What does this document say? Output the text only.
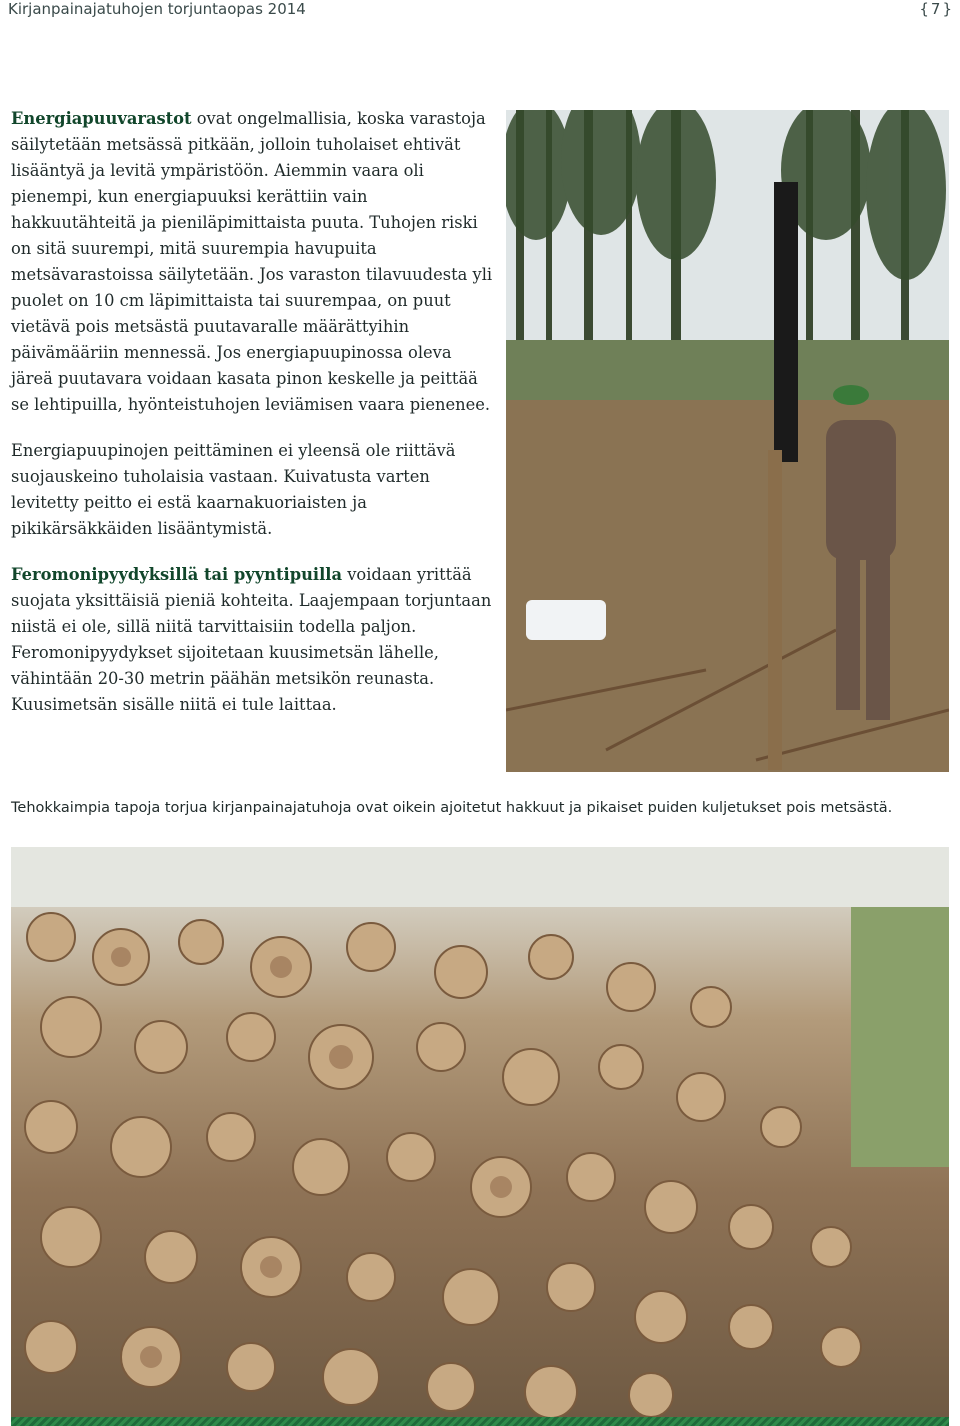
Kirjanpainajatuhojen torjuntaopas 2014	{7}

Energiapuuvarastot ovat ongelmallisia, koska varastoja säilytetään metsässä pitkään, jolloin tuholaiset ehtivät lisääntyä ja levitä ympäristöön. Aiemmin vaara oli pienempi, kun energiapuuksi kerättiin vain hakkuutähteitä ja pieniläpimittaista puuta. Tuhojen riski on sitä suurempi, mitä suurempia havupuita metsävarastoissa säilytetään. Jos varaston tilavuudesta yli puolet on 10 cm läpimittaista tai suurempaa, on puut vietävä pois metsästä puutavaralle määrättyihin päivämääriin mennessä. Jos energiapuupinossa oleva järeä puutavara voidaan kasata pinon keskelle ja peittää se lehtipuilla, hyönteistuhojen leviämisen vaara pienenee.

Energiapuupinojen peittäminen ei yleensä ole riittävä suojauskeino tuholaisia vastaan. Kuivatusta varten levitetty peitto ei estä kaarnakuoriaisten ja pikikärsäkkäiden lisääntymistä.

Feromonipyydyksillä tai pyyntipuilla voidaan yrittää suojata yksittäisiä pieniä kohteita. Laajempaan torjuntaan niistä ei ole, sillä niitä tarvittaisiin todella paljon. Feromonipyydykset sijoitetaan kuusimetsän lähelle, vähintään 20-30 metrin päähän metsikön reunasta. Kuusimetsän sisälle niitä ei tule laittaa.

Tehokkaimpia tapoja torjua kirjanpainajatuhoja ovat oikein ajoitetut hakkuut ja pikaiset puiden kuljetukset pois metsästä.
